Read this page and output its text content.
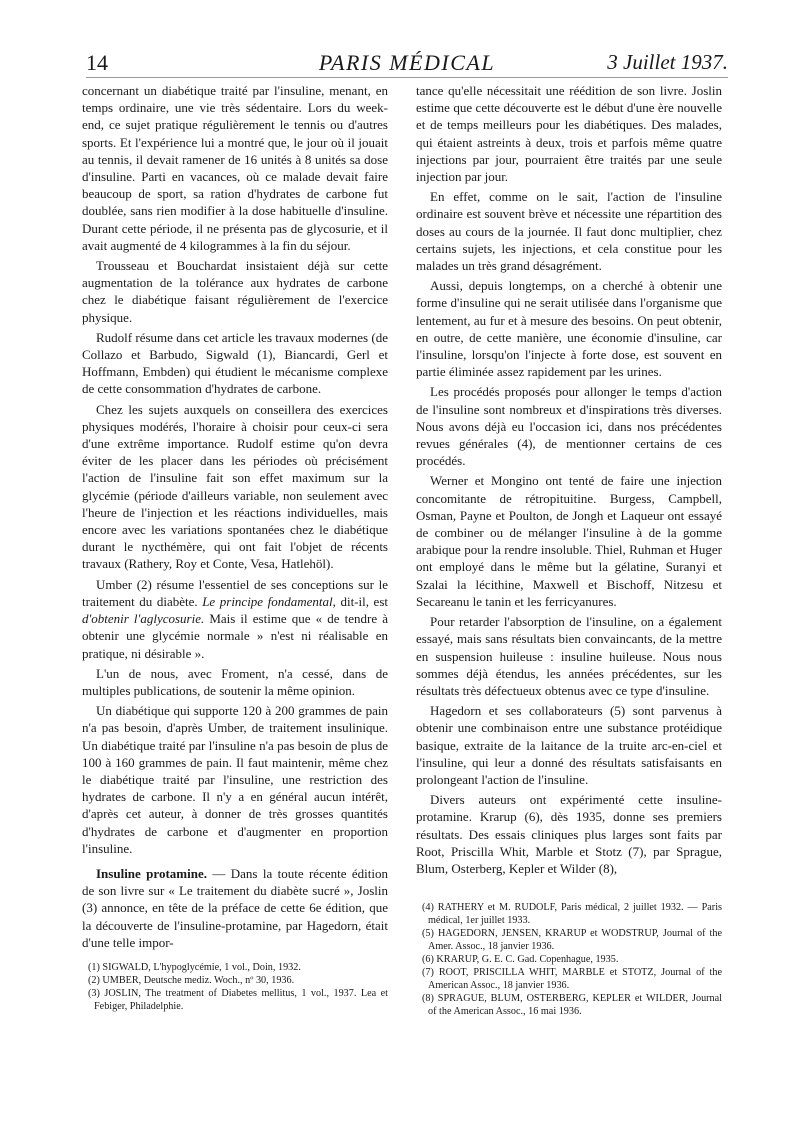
14	PARIS MÉDICAL	3 Juillet 1937.

concernant un diabétique traité par l'insuline, menant, en temps ordinaire, une vie très sédentaire. Lors du week-end, ce sujet pratique régulièrement le tennis ou d'autres sports. Et l'expérience lui a montré que, le jour où il jouait au tennis, il devait ramener de 16 unités à 8 unités sa dose d'insuline. Parti en vacances, où ce malade devait faire beaucoup de sport, sa ration d'hydrates de carbone fut doublée, sans rien modifier à la dose habituelle d'insuline. Durant cette période, il ne présenta pas de glycosurie, et il avait augmenté de 4 kilogrammes à la fin du séjour.

Trousseau et Bouchardat insistaient déjà sur cette augmentation de la tolérance aux hydrates de carbone chez le diabétique faisant régulièrement de l'exercice physique.

Rudolf résume dans cet article les travaux modernes (de Collazo et Barbudo, Sigwald (1), Biancardi, Gerl et Hoffmann, Embden) qui étudient le mécanisme complexe de cette consommation d'hydrates de carbone.

Chez les sujets auxquels on conseillera des exercices physiques modérés, l'horaire à choisir pour ceux-ci sera d'une extrême importance. Rudolf estime qu'on devra éviter de les placer dans les périodes où précisément l'action de l'insuline fait son effet maximum sur la glycémie (période d'ailleurs variable, non seulement avec l'heure de l'injection et les réactions individuelles, mais encore avec les variations spontanées chez le diabétique durant le nycthémère, qui ont fait l'objet de récents travaux (Rathery, Roy et Conte, Vesa, Hatlehöl).

Umber (2) résume l'essentiel de ses conceptions sur le traitement du diabète. Le principe fondamental, dit-il, est d'obtenir l'aglycosurie. Mais il estime que « de tendre à obtenir une glycémie normale » n'est ni réalisable en pratique, ni désirable ».

L'un de nous, avec Froment, n'a cessé, dans de multiples publications, de soutenir la même opinion.

Un diabétique qui supporte 120 à 200 grammes de pain n'a pas besoin, d'après Umber, de traitement insulinique. Un diabétique traité par l'insuline n'a pas besoin de plus de 100 à 160 grammes de pain. Il faut maintenir, même chez le diabétique traité par l'insuline, une restriction des hydrates de carbone. Il n'y a en général aucun intérêt, d'après cet auteur, à donner de très grosses quantités d'hydrates de carbone et d'augmenter en proportion l'insuline.

Insuline protamine. — Dans la toute récente édition de son livre sur « Le traitement du diabète sucré », Joslin (3) annonce, en tête de la préface de cette 6e édition, que la découverte de l'insuline-protamine, par Hagedorn, était d'une telle impor-

(1) SIGWALD, L'hypoglycémie, 1 vol., Doin, 1932.
(2) UMBER, Deutsche mediz. Woch., nº 30, 1936.
(3) JOSLIN, The treatment of Diabetes mellitus, 1 vol., 1937. Lea et Febiger, Philadelphie.

tance qu'elle nécessitait une réédition de son livre. Joslin estime que cette découverte est le début d'une ère nouvelle et de temps meilleurs pour les diabétiques. Des malades, qui étaient astreints à deux, trois et parfois même quatre injections par jour, pourraient être traités par une seule injection par jour.

En effet, comme on le sait, l'action de l'insuline ordinaire est souvent brève et nécessite une répartition des doses au cours de la journée. Il faut donc multiplier, chez certains sujets, les injections, et cela constitue pour les malades un très grand désagrément.

Aussi, depuis longtemps, on a cherché à obtenir une forme d'insuline qui ne serait utilisée dans l'organisme que lentement, au fur et à mesure des besoins. On peut obtenir, en outre, de cette manière, une économie d'insuline, car l'insuline, lorsqu'on l'injecte à forte dose, est souvent en partie éliminée assez rapidement par les urines.

Les procédés proposés pour allonger le temps d'action de l'insuline sont nombreux et d'inspirations très diverses. Nous avons déjà eu l'occasion ici, dans nos précédentes revues générales (4), de mentionner certains de ces procédés.

Werner et Mongino ont tenté de faire une injection concomitante de rétropituitine. Burgess, Campbell, Osman, Payne et Poulton, de Jongh et Laqueur ont essayé de combiner ou de mélanger l'insuline à de la gomme arabique pour la rendre insoluble. Thiel, Ruhman et Huger ont employé dans le même but la gélatine, Suranyi et Szalai la lécithine, Maxwell et Bischoff, Nitzesu et Secareanu le tanin et les ferricyanures.

Pour retarder l'absorption de l'insuline, on a également essayé, mais sans résultats bien convaincants, de la mettre en suspension huileuse : insuline huileuse. Nous nous sommes déjà étendus, les années précédentes, sur les résultats très défectueux obtenus avec ce type d'insuline.

Hagedorn et ses collaborateurs (5) sont parvenus à obtenir une combinaison entre une substance protéidique basique, extraite de la laitance de la truite arc-en-ciel et l'insuline, qui leur a donné des résultats satisfaisants en prolongeant l'action de l'insuline.

Divers auteurs ont expérimenté cette insuline-protamine. Krarup (6), dès 1935, donne ses premiers résultats. Des essais cliniques plus larges sont faits par Root, Priscilla Whit, Marble et Stotz (7), par Sprague, Blum, Osterberg, Kepler et Wilder (8),

(4) RATHERY et M. RUDOLF, Paris médical, 2 juillet 1932. — Paris médical, 1er juillet 1933.
(5) HAGEDORN, JENSEN, KRARUP et WODSTRUP, Journal of the Amer. Assoc., 18 janvier 1936.
(6) KRARUP, G. E. C. Gad. Copenhague, 1935.
(7) ROOT, PRISCILLA WHIT, MARBLE et STOTZ, Journal of the American Assoc., 18 janvier 1936.
(8) SPRAGUE, BLUM, OSTERBERG, KEPLER et WILDER, Journal of the American Assoc., 16 mai 1936.
